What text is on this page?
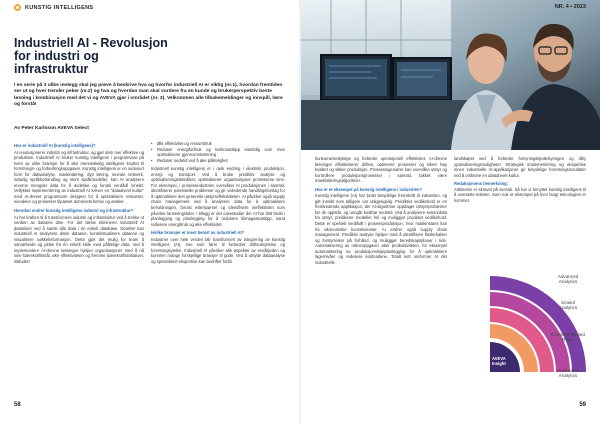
KUNSTIG INTELLIGENS
Industriell AI - Revolusjon for industri og infrastruktur
I en serie på 3 ulike innlegg skal jeg prøve å beskrive hva og hvorfor industriell AI er viktig (nr.1), hvordan fremtiden ser ut og hver trender peker (nr.2) og hva og hvordan man skal vurdere fra en kunde og brukerperspektiv beste løsning i kombinasjon med det vi og AVEVA gjør i området (nr. 3). Velkommen alle tilbakemeldinger og innspill, lære og forstå!
Av Peter Karlsson AVEVA Select
Hva er industriell AI (kunstig intelligens)?

AI revolusjonerer industri og infrastruktur, og gjør dem mer effektive og produktive. Industriell AI bruker kunstig intelligens i programvare på tvers av ulike bransjer for å øke menneskelig intelligens knyttet til forretnings- og forbedringsoppgaver. Kunstig intelligens er en avansert form for dataanalyse, maskinlæring, dyp læring, nevrale nettverk, naturlig språkbehandling og store språkmodeller, kan AI analysere enorme mengder data for å avdekke og forutsi verdifull innsikt. Vellykket implementering av industriell AI krever en "dataalvevt kultur" med AI-drevet programvare designet for å optimalisere ressurser, eiendeler og prosesser tilpasset domenets behov og ønsker.

Hvordan endrer kunstig intelligens industri og infrastruktur?

AI har kraften til å transformere industri og infrastruktur ved å trekke ut verdien av dataene dine. For det første eliminerer industriell AI datasiloer ved å samle alle data i én enkelt database. Deretter kan industriell AI analysere disse dataene, kontekstualisere dataene og visualisere nøkkelinformasjon. Dette gjør det mulig for team å samarbeide og jobbe fra én enkelt kilde med pålitelige data. Ved å implementere AI-drevne løsninger hjelper organisasjoner med å nå sine bærekraftsmål, øke effektiviteten og fremme bærekraftsinitiativer, inkludert

• Økt effektivitet og ressursbruk
• Reduser energiforbruk og karbonutslipp samtidig som man optimaliserer gjennomstrømning
• Reduser nedetid ved å øke pålitelighet

Industriell kunstig intelligens er i rask endring i elektrisk produksjon, energi og transport. Ved å bruke prediktiv analyse og optimaliseringsteknikker, optimaliserer organisasjoner prosessene sine. For eksempel, i prosessindustrien overvåker AI produksjonen i sanntid, identifiserer potensielle problemer og gir veiledende handlingsforslag for å optimalisere den generelle utstyrseffektiviteten. AI påvirker også supply chain management ved å analysere data for å optimalisere beholdningen, forutsi etterspørsel og identifisere ineffektivitet som påvirker lanseringstider. I tillegg er det casestudier der AI har blitt brukt i planlegging og planlegging for å redusere klimagassutslipp, samt redusere energibruk og øke effektivitet.

Hvilke bransjer er mest berørt av industriell AI?

Industrier over hele verden blir transformert av integrering av kunstig intelligens (AI), noe som fører til forbedret driftsutnyttelse og forretningsytelse. Industriell AI påvirker alle aspekter av verdikjeden og kommer mange forskjellige bransjer til gode. Ved å utnytte dataanalyse og spesialisert ekspertise kan bedrifter forbli

58
NR. 4 • 2023

konkurransedyktige og forbedre operasjonell effektivitet. AI-drevne løsninger effektiviserer driften, optimerer prosesser og sikrer høy kvalitet og sikker produksjon. Prosessingeniører kan overvåke utstyr og kontrollere produksjonsprosesser i sanntid, takket være maskinlæringsalgoritmer.

Hva er et eksempel på kunstig intelligens i industrien?

Kunstig intelligens (AI) har brakt betydelige fremskritt til industrien, og gitt innsikt som tidligere var utilgjengelig. Prediktivt vedlikehold er en fremtredende applikasjon, der AI-algoritmer oppdager utstyrsproblemer før de oppstår, og unngår kostbar nedetid. Ved å analysere sensordata fra utstyr, predikerer modeller feil og muliggjør proaktivt vedlikehold. Dette er spesielt verdifullt i prosessproduksjon, hvor maskinstans kan ha økonomiske konsekvenser. AI endrer også supply chain management. Prediktiv analyse hjelper med å identifisere flaskehalser og forstyrrelser på forhånd, og muliggjør beredskapsplaner i tide. Automatisering av rutineoppgaver øker produktiviteten, for eksempel automatisering av produksjonslinjeplanlegging for å optimalisere lagernivåer og redusere kostnadene. Totalt sett omformer AI det industrielle

landskapet ved å forbedre forsyningskjedestyringen og tilby optimaliseringsmuligheter. Strategisk implementering og ekspertise innen industrielle AI-applikasjoner gir betydelige forretningsresultater ved å omfavne en datadrevet kultur.

Redaksjonens bemerkning:

Artikkelen er skrevet på svensk. Så har vi benyttet kunstig intelligens til å oversette teksten. Som nok et eksempel på hvor langt teknologien er kommet.

59
Advanced Analytics
Scaled Analytics
Condition-Based Rules
Automated Analytics
AVEVA Insight
